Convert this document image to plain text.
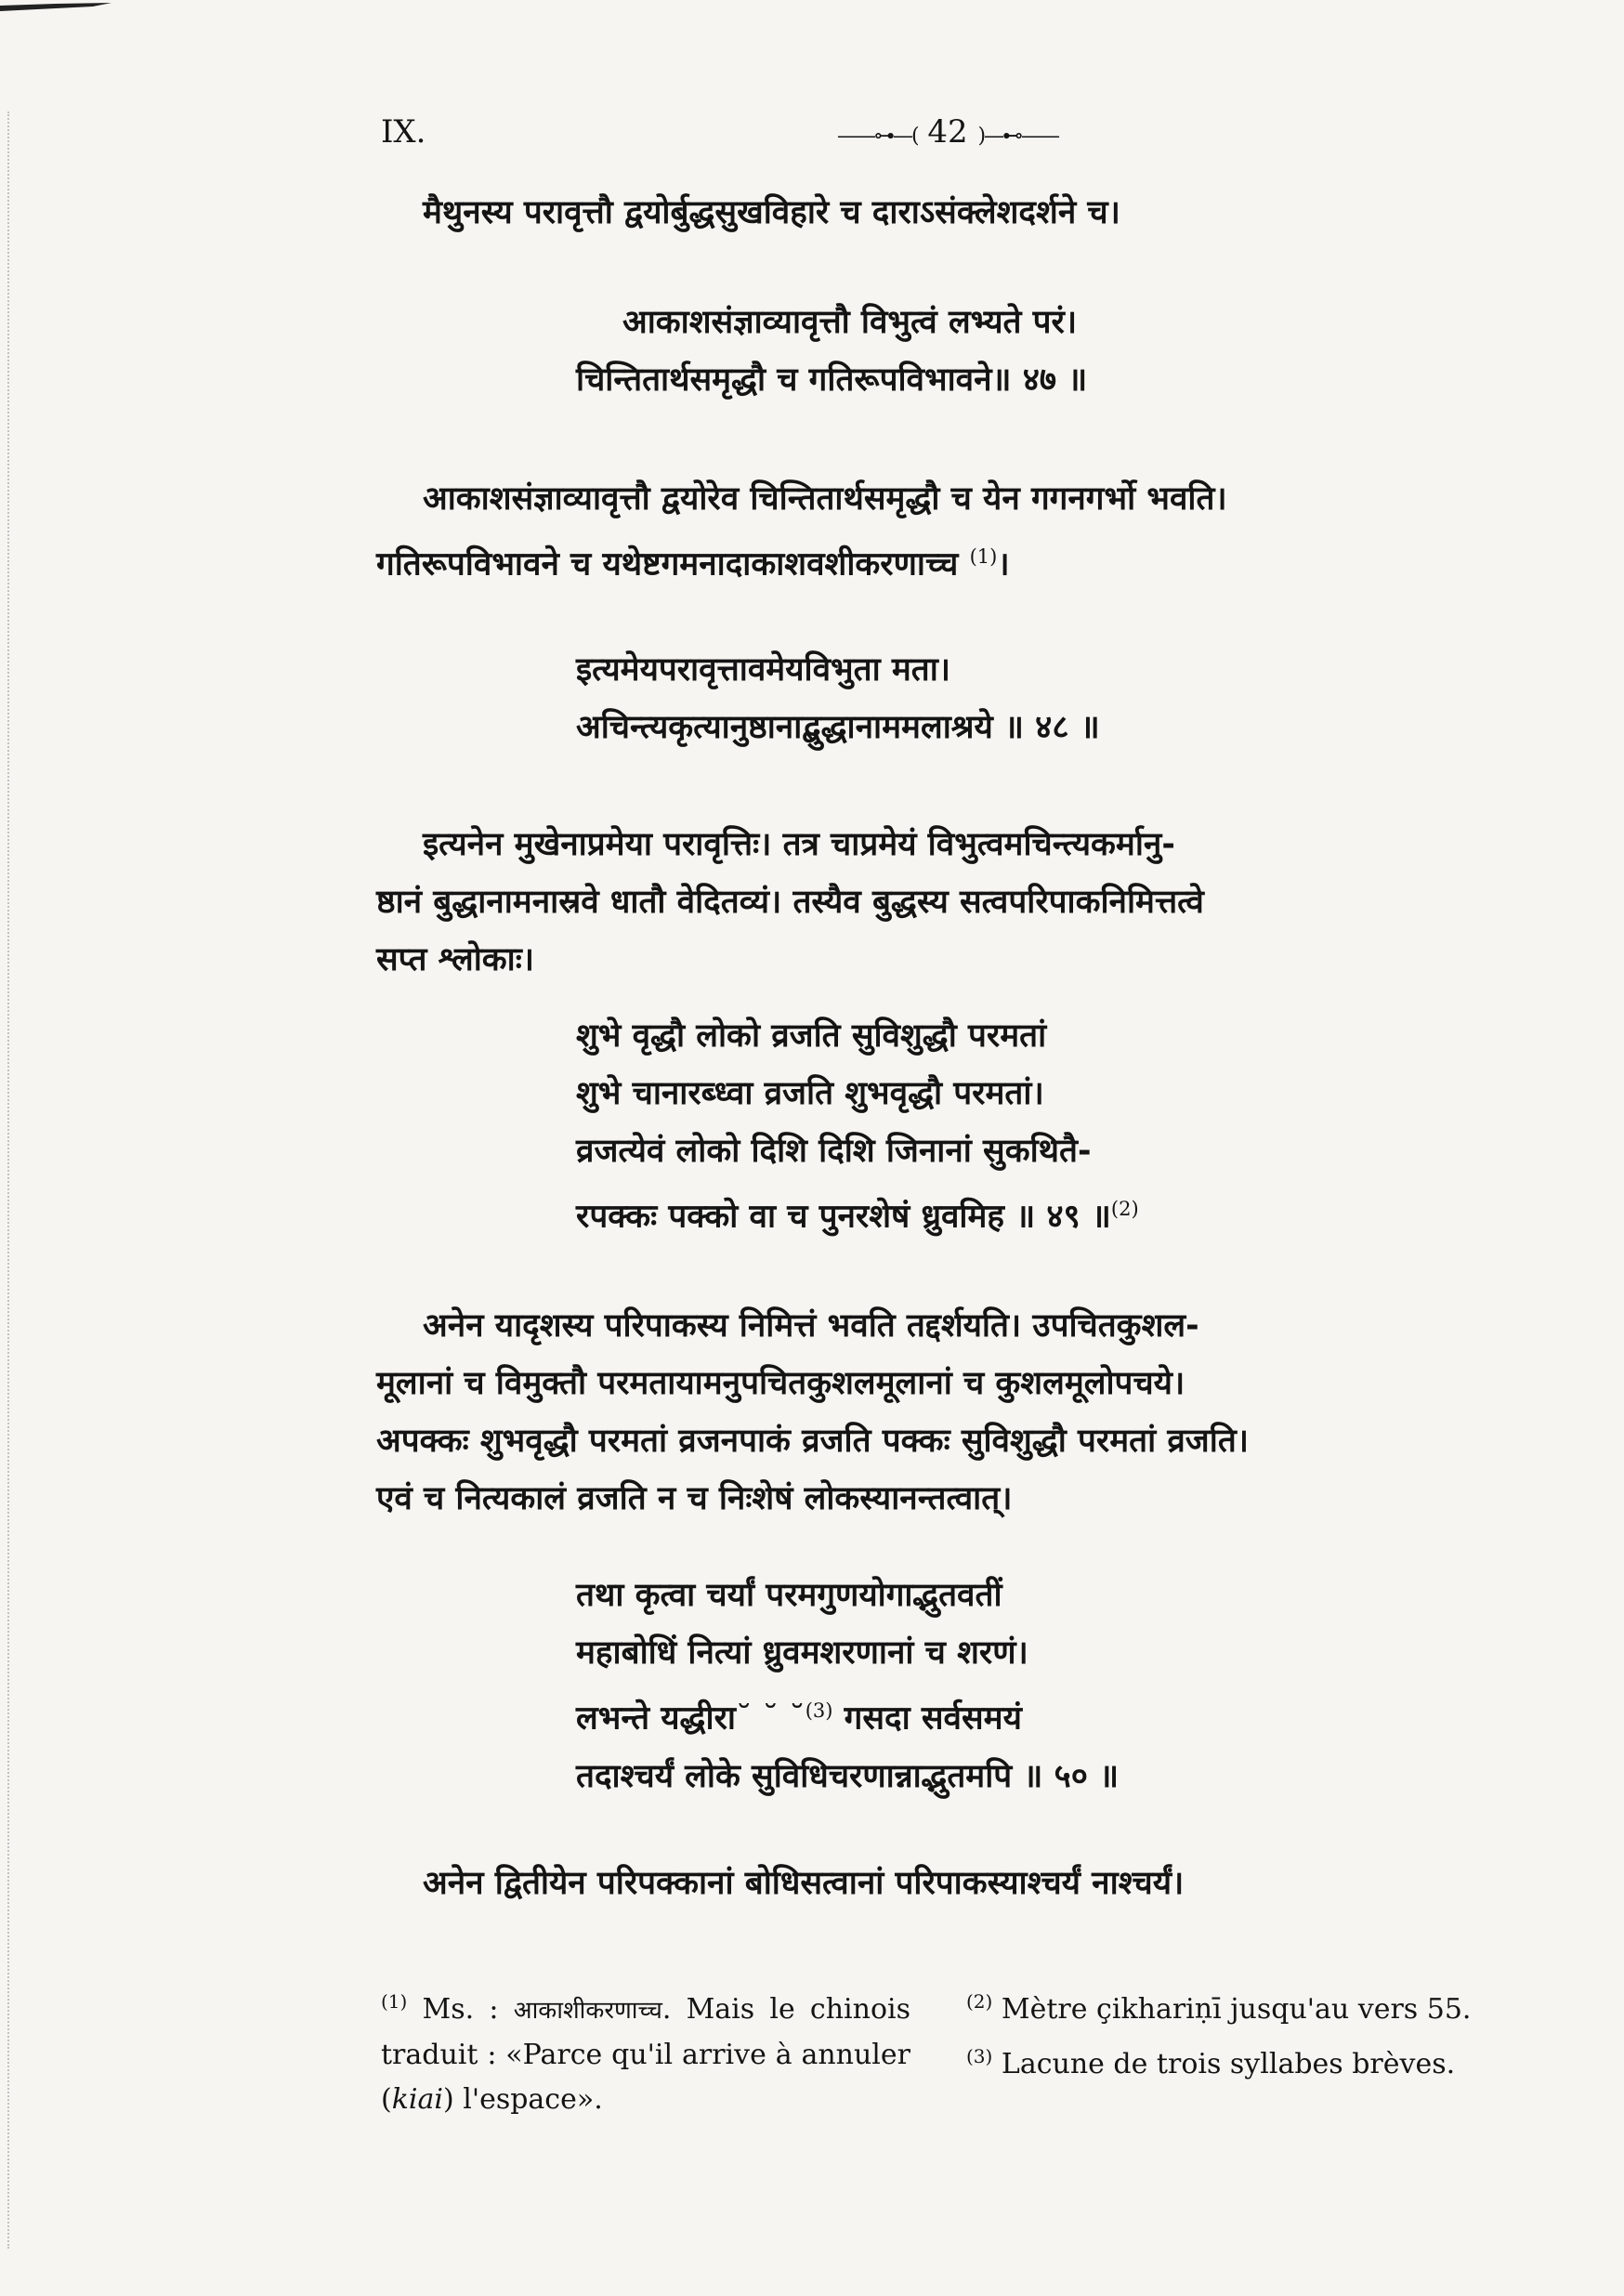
IX.	——⊶—( 42 )—⊷——

मैथुनस्य परावृत्तौ द्वयोर्बुद्धसुखविहारे च दाराऽसंक्लेशदर्शने च।

आकाशसंज्ञाव्यावृत्तौ विभुत्वं लभ्यते परं।
चिन्तितार्थसमृद्धौ च गतिरूपविभावने॥ ४७ ॥

आकाशसंज्ञाव्यावृत्तौ द्वयोरेव चिन्तितार्थसमृद्धौ च येन गगनगर्भो भवति।

गतिरूपविभावने च यथेष्टगमनादाकाशवशीकरणाच्च $^{(1)}$।

इत्यमेयपरावृत्तावमेयविभुता मता।
अचिन्त्यकृत्यानुष्ठानाद्बुद्धानाममलाश्रये ॥ ४८ ॥

इत्यनेन मुखेनाप्रमेया परावृत्तिः। तत्र चाप्रमेयं विभुत्वमचिन्त्यकर्मानु-

ष्ठानं बुद्धानामनास्रवे धातौ वेदितव्यं। तस्यैव बुद्धस्य सत्वपरिपाकनिमित्तत्वे

सप्त श्लोकाः।

शुभे वृद्धौ लोको व्रजति सुविशुद्धौ परमतां
शुभे चानारब्ध्वा व्रजति शुभवृद्धौ परमतां।
व्रजत्येवं लोको दिशि दिशि जिनानां सुकथितै-
रपक्कः पक्को वा च पुनरशेषं ध्रुवमिह ॥ ४९ ॥$^{(2)}$

अनेन यादृशस्य परिपाकस्य निमित्तं भवति तद्दर्शयति। उपचितकुशल-

मूलानां च विमुक्तौ परमतायामनुपचितकुशलमूलानां च कुशलमूलोपचये।

अपक्कः शुभवृद्धौ परमतां व्रजनपाकं व्रजति पक्कः सुविशुद्धौ परमतां व्रजति।

एवं च नित्यकालं व्रजति न च निःशेषं लोकस्यानन्तत्वात्।

तथा कृत्वा चर्यां परमगुणयोगाद्भुतवतीं
महाबोधिं नित्यां ध्रुवमशरणानां च शरणं।
लभन्ते यद्धीरा˘ ˘ ˘$^{(3)}$ गसदा सर्वसमयं
तदाश्चर्यं लोके सुविधिचरणान्नाद्भुतमपि ॥ ५० ॥

अनेन द्वितीयेन परिपक्कानां बोधिसत्वानां परिपाकस्याश्चर्यं नाश्चर्यं।

$^{(1)}$ Ms. : आकाशीकरणाच्च. Mais le chinois traduit : «Parce qu'il arrive à annuler (kiai) l'espace».

$^{(2)}$ Mètre çikhariṇī jusqu'au vers 55.

$^{(3)}$ Lacune de trois syllabes brèves.
